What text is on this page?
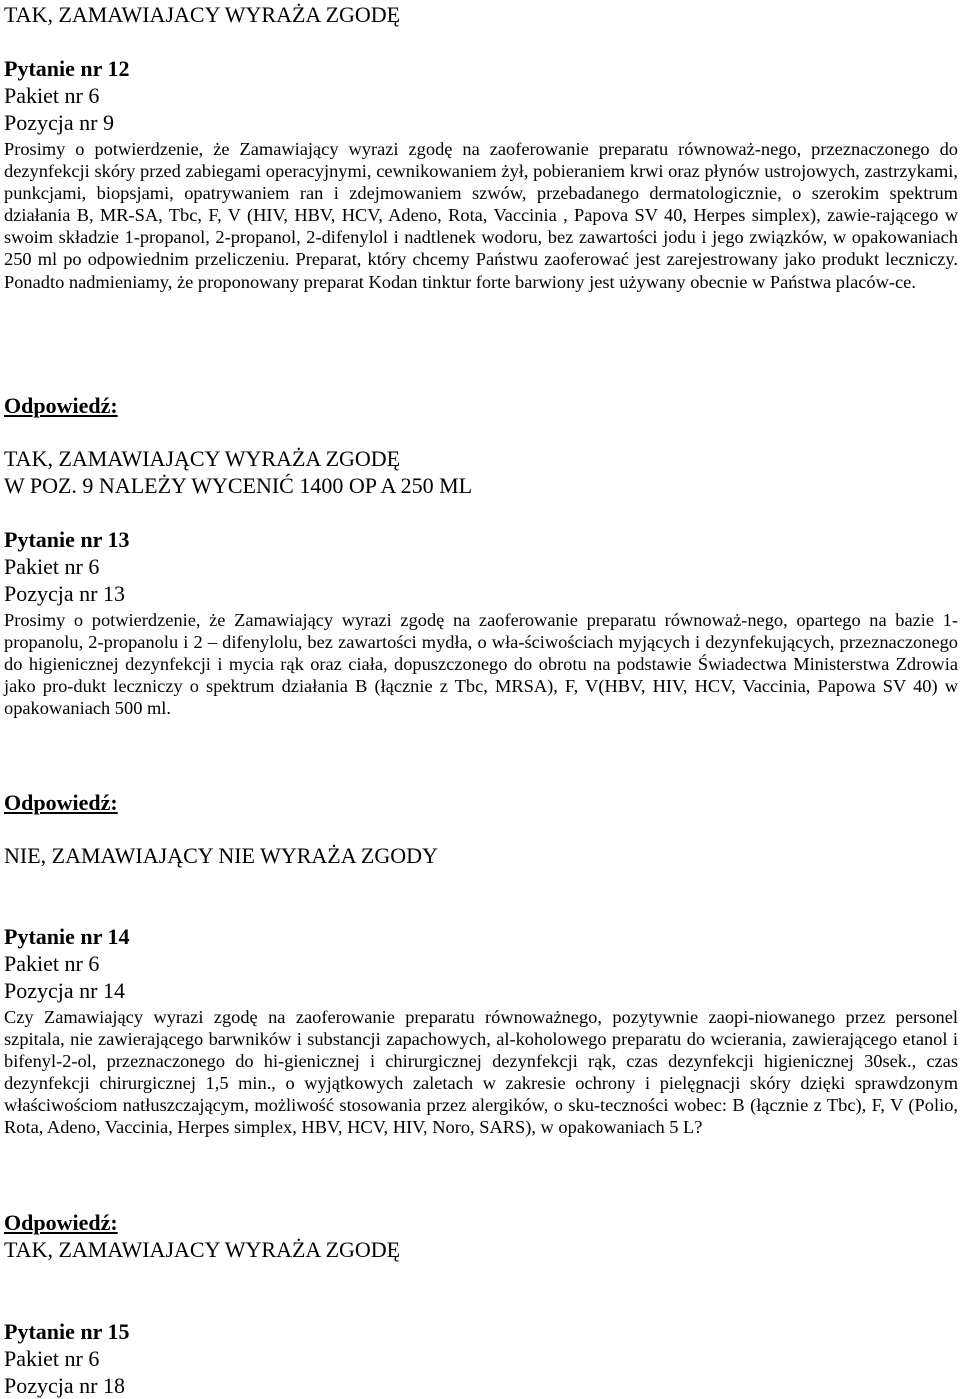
TAK, ZAMAWIAJACY WYRAŻA ZGODĘ
Pytanie nr 12
Pakiet nr 6
Pozycja nr 9

Prosimy o potwierdzenie, że Zamawiający wyrazi zgodę na zaoferowanie preparatu równoważ-nego, przeznaczonego do dezynfekcji skóry przed zabiegami operacyjnymi, cewnikowaniem żył, pobieraniem krwi oraz płynów ustrojowych, zastrzykami, punkcjami, biopsjami, opatrywaniem ran i zdejmowaniem szwów, przebadanego dermatologicznie, o szerokim spektrum działania B, MR-SA, Tbc, F, V (HIV, HBV, HCV, Adeno, Rota, Vaccinia , Papova SV 40, Herpes simplex), zawie-rającego w swoim składzie 1-propanol, 2-propanol, 2-difenylol i nadtlenek wodoru, bez zawartości jodu i jego związków, w opakowaniach 250 ml po odpowiednim przeliczeniu. Preparat, który chcemy Państwu zaoferować jest zarejestrowany jako produkt leczniczy. Ponadto nadmieniamy, że proponowany preparat Kodan tinktur forte barwiony jest używany obecnie w Państwa placów-ce.

Odpowiedź:
TAK, ZAMAWIAJĄCY WYRAŻA ZGODĘ
W POZ. 9 NALEŻY WYCENIĆ 1400 OP A 250 ML
Pytanie nr 13
Pakiet nr 6
Pozycja nr 13

Prosimy o potwierdzenie, że Zamawiający wyrazi zgodę na zaoferowanie preparatu równoważ-nego, opartego na bazie 1- propanolu, 2-propanolu i 2 – difenylolu, bez zawartości mydła, o wła-ściwościach myjących i dezynfekujących, przeznaczonego do higienicznej dezynfekcji i mycia rąk oraz ciała, dopuszczonego do obrotu na podstawie Świadectwa Ministerstwa Zdrowia jako pro-dukt leczniczy o spektrum działania B (łącznie z Tbc, MRSA), F, V(HBV, HIV, HCV, Vaccinia, Papowa SV 40) w opakowaniach 500 ml.

Odpowiedź:
NIE, ZAMAWIAJĄCY NIE WYRAŻA ZGODY
Pytanie nr 14
Pakiet nr 6
Pozycja nr 14

Czy Zamawiający wyrazi zgodę na zaoferowanie preparatu równoważnego, pozytywnie zaopi-niowanego przez personel szpitala, nie zawierającego barwników i substancji zapachowych, al-koholowego preparatu do wcierania, zawierającego etanol i bifenyl-2-ol, przeznaczonego do hi-gienicznej i chirurgicznej dezynfekcji rąk, czas dezynfekcji higienicznej 30sek., czas dezynfekcji chirurgicznej 1,5 min., o wyjątkowych zaletach w zakresie ochrony i pielęgnacji skóry dzięki sprawdzonym właściwościom natłuszczającym, możliwość stosowania przez alergików, o sku-teczności wobec: B (łącznie z Tbc), F, V (Polio, Rota, Adeno, Vaccinia, Herpes simplex, HBV, HCV, HIV, Noro, SARS), w opakowaniach 5 L?

Odpowiedź:
TAK, ZAMAWIAJACY WYRAŻA ZGODĘ
Pytanie nr 15
Pakiet nr 6
Pozycja nr 18
